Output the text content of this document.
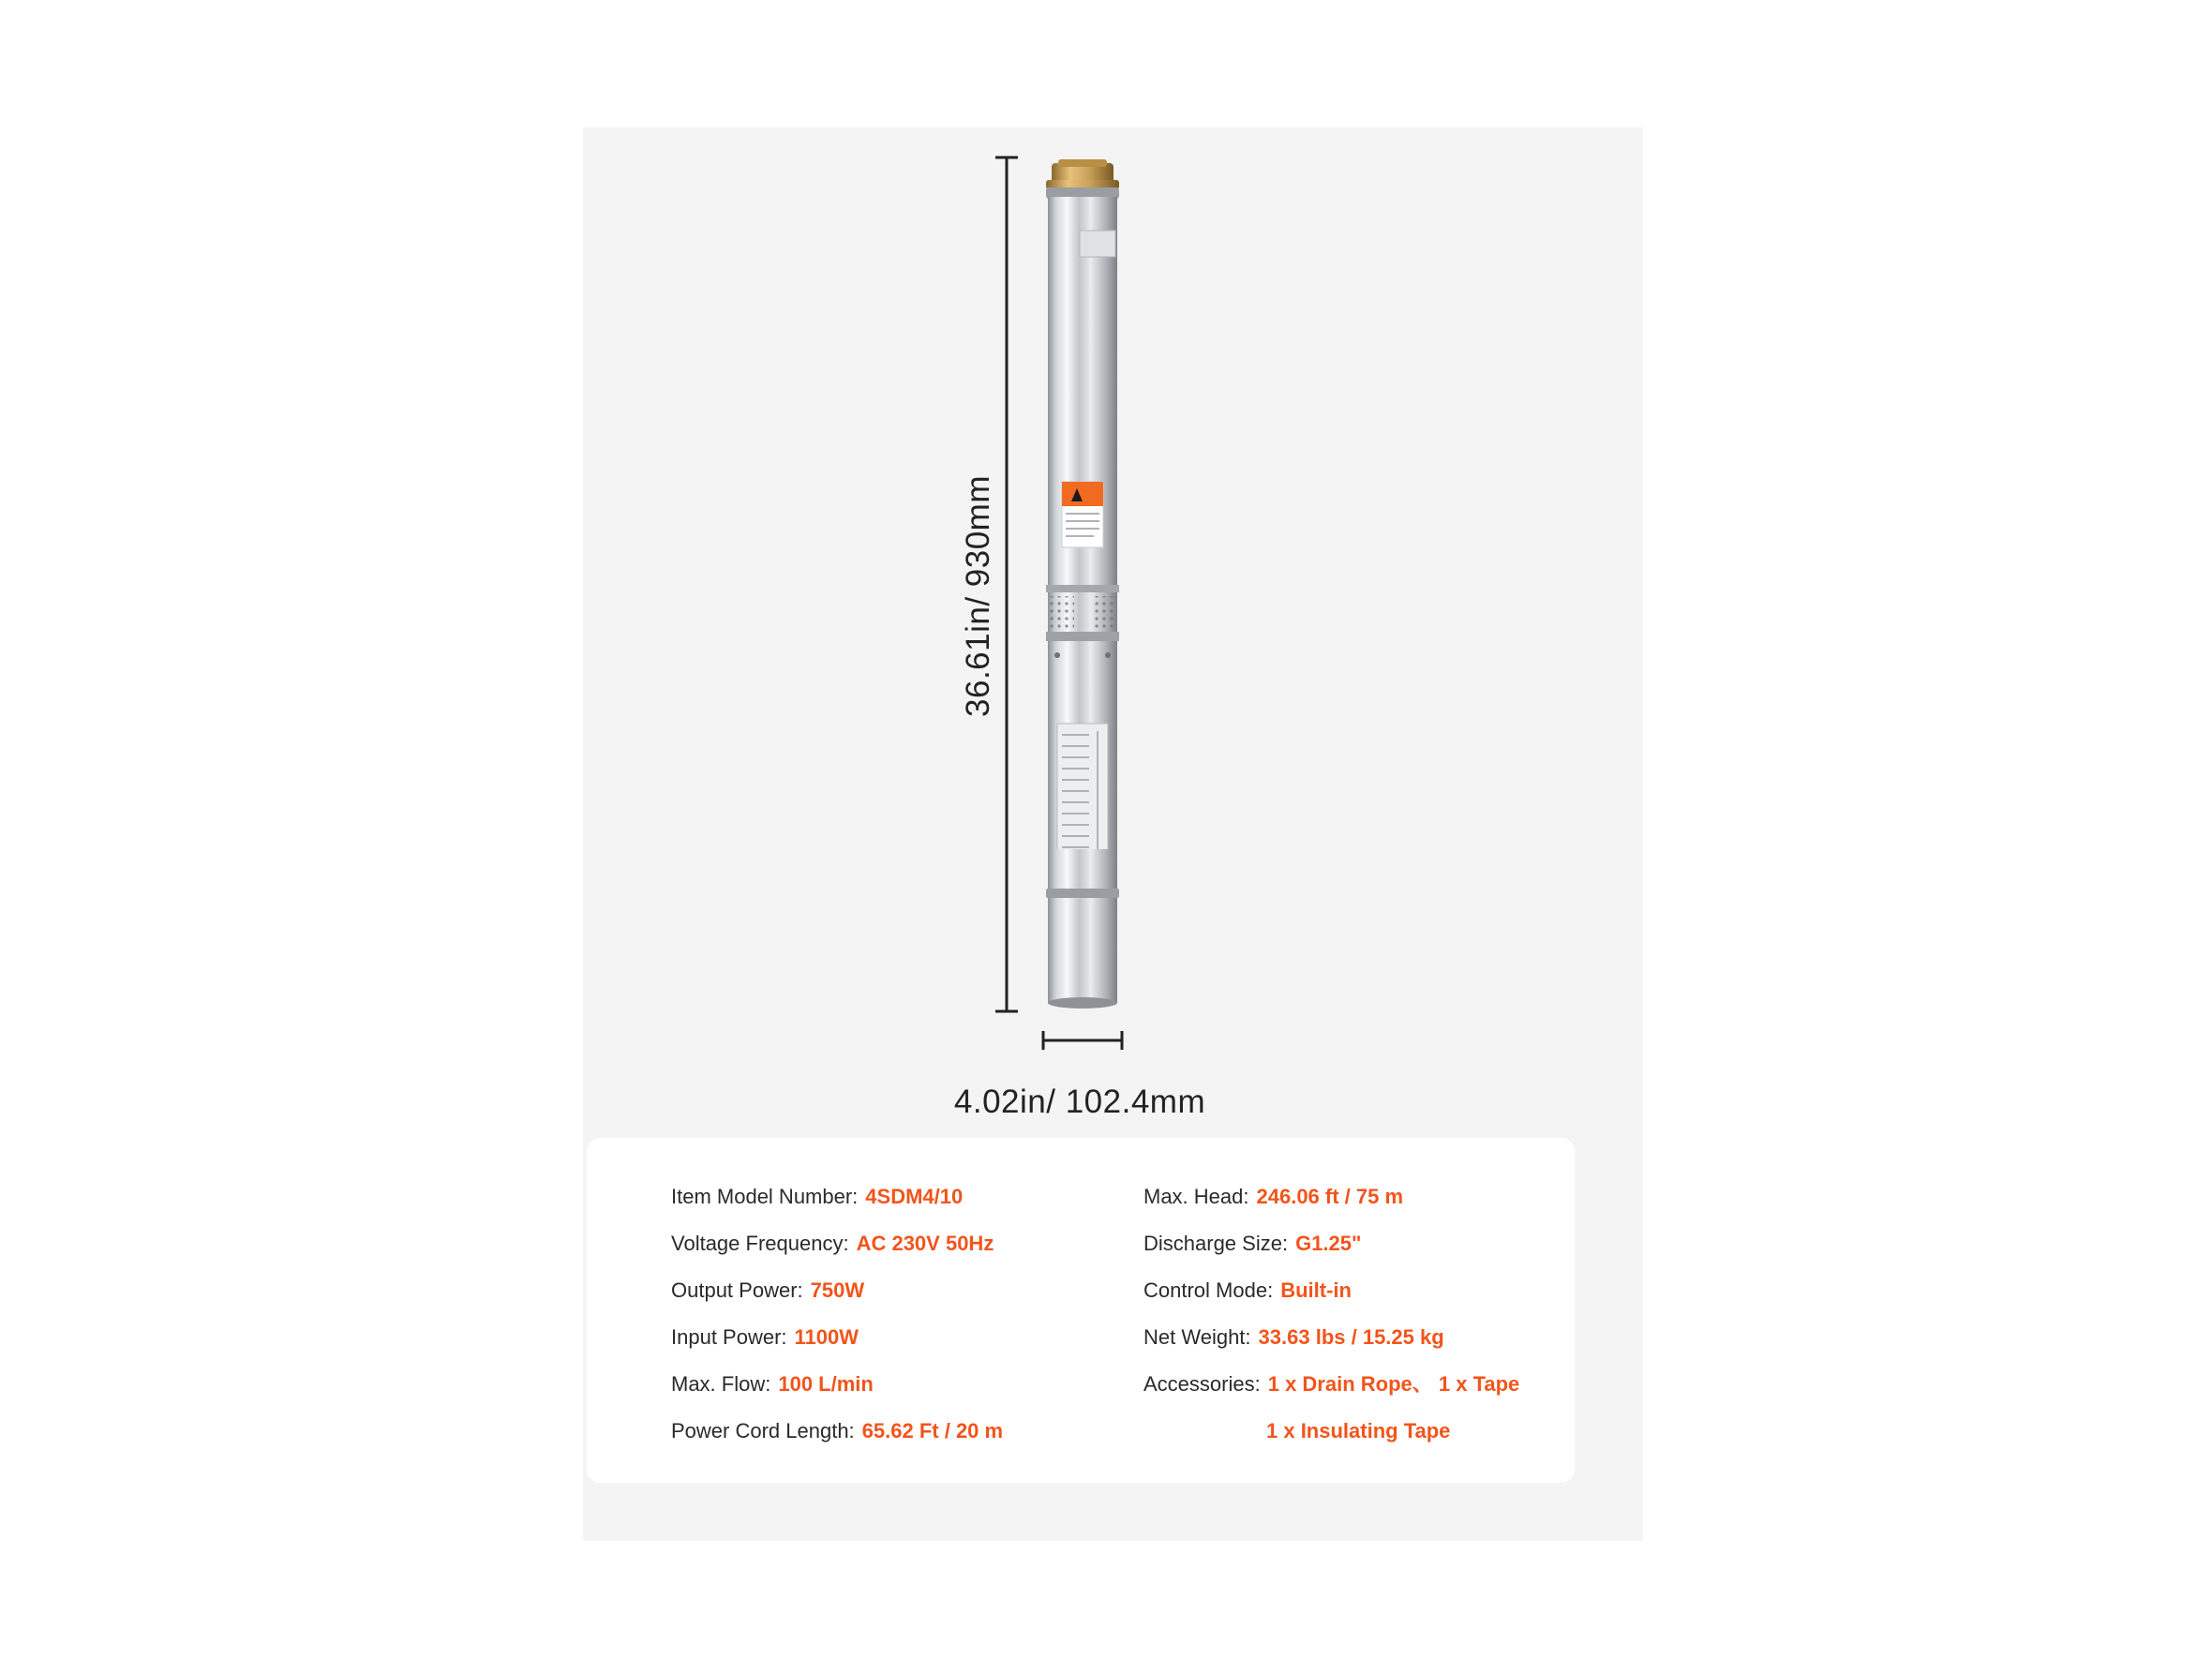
36.61in/ 930mm
4.02in/ 102.4mm
Item Model Number: 4SDM4/10
Voltage Frequency: AC 230V 50Hz
Output Power: 750W
Input Power: 1100W
Max. Flow: 100 L/min
Power Cord Length: 65.62 Ft / 20 m
Max. Head: 246.06 ft / 75 m
Discharge Size: G1.25"
Control Mode: Built-in
Net Weight: 33.63 lbs / 15.25 kg
Accessories: 1 x Drain Rope、 1 x Tape
1 x Insulating Tape
